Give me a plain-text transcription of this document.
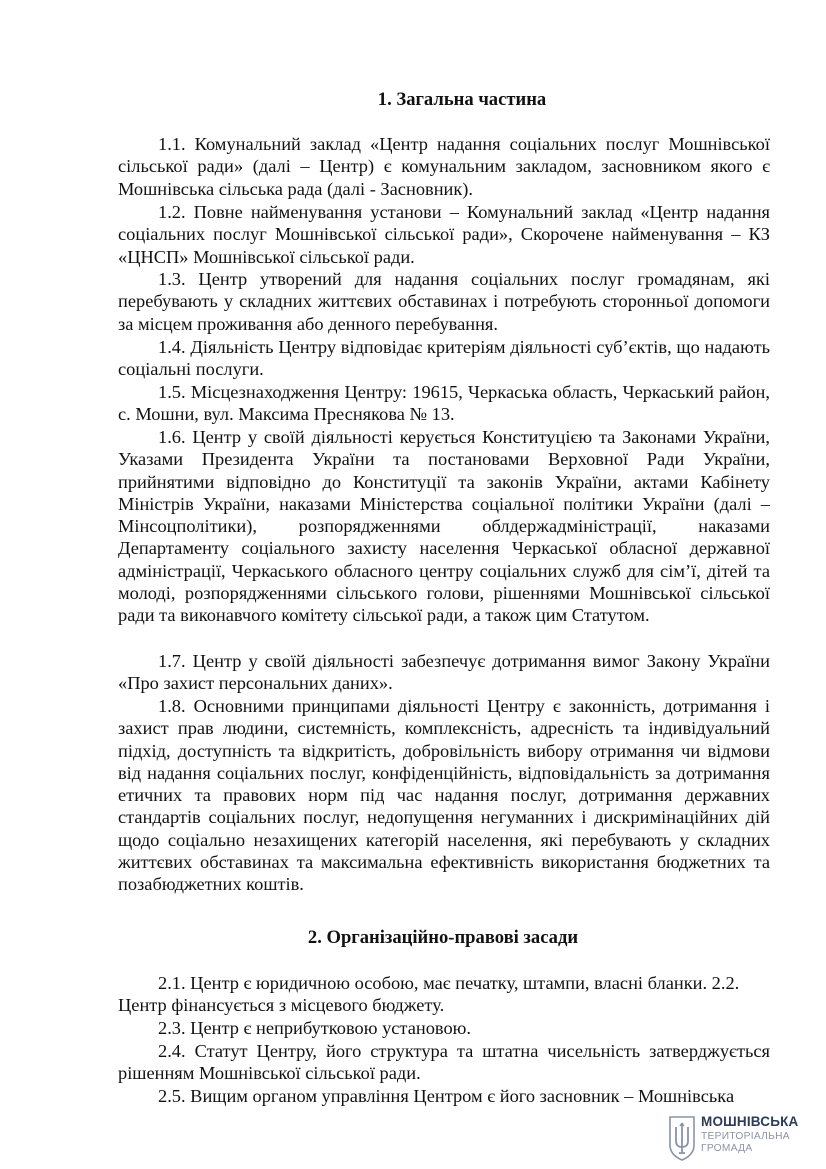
1. Загальна частина

1.1. Комунальний заклад «Центр надання соціальних послуг Мошнівської сільської ради» (далі – Центр) є комунальним закладом, засновником якого є Мошнівська сільська рада (далі - Засновник).

1.2. Повне найменування установи – Комунальний заклад «Центр надання соціальних послуг Мошнівської сільської ради», Скорочене найменування – КЗ «ЦНСП» Мошнівської сільської ради.

1.3. Центр утворений для надання соціальних послуг громадянам, які перебувають у складних життєвих обставинах і потребують сторонньої допомоги за місцем проживання або денного перебування.

1.4. Діяльність Центру відповідає критеріям діяльності суб’єктів, що надають соціальні послуги.

1.5. Місцезнаходження Центру: 19615, Черкаська область, Черкаський район, с. Мошни, вул. Максима Преснякова № 13.

1.6. Центр у своїй діяльності керується Конституцією та Законами України, Указами Президента України та постановами Верховної Ради України, прийнятими відповідно до Конституції та законів України, актами Кабінету Міністрів України, наказами Міністерства соціальної політики України (далі – Мінсоцполітики), розпорядженнями облдержадміністрації, наказами Департаменту соціального захисту населення Черкаської обласної державної адміністрації, Черкаського обласного центру соціальних служб для сім’ї, дітей та молоді, розпорядженнями сільського голови, рішеннями Мошнівської сільської ради та виконавчого комітету сільської ради, а також цим Статутом.

1.7. Центр у своїй діяльності забезпечує дотримання вимог Закону України «Про захист персональних даних».

1.8. Основними принципами діяльності Центру є законність, дотримання і захист прав людини, системність, комплексність, адресність та індивідуальний підхід, доступність та відкритість, добровільність вибору отримання чи відмови від надання соціальних послуг, конфіденційність, відповідальність за дотримання етичних та правових норм під час надання послуг, дотримання державних стандартів соціальних послуг, недопущення негуманних і дискримінаційних дій щодо соціально незахищених категорій населення, які перебувають у складних життєвих обставинах та максимальна ефективність використання бюджетних та позабюджетних коштів.

2. Організаційно-правові засади

2.1. Центр є юридичною особою, має печатку, штампи, власні бланки. 2.2. Центр фінансується з місцевого бюджету.

2.3. Центр є неприбутковою установою.

2.4. Статут Центру, його структура та штатна чисельність затверджується рішенням Мошнівської сільської ради.

2.5. Вищим органом управління Центром є його засновник – Мошнівська

МОШНІВСЬКА
ТЕРИТОРІАЛЬНА
ГРОМАДА
